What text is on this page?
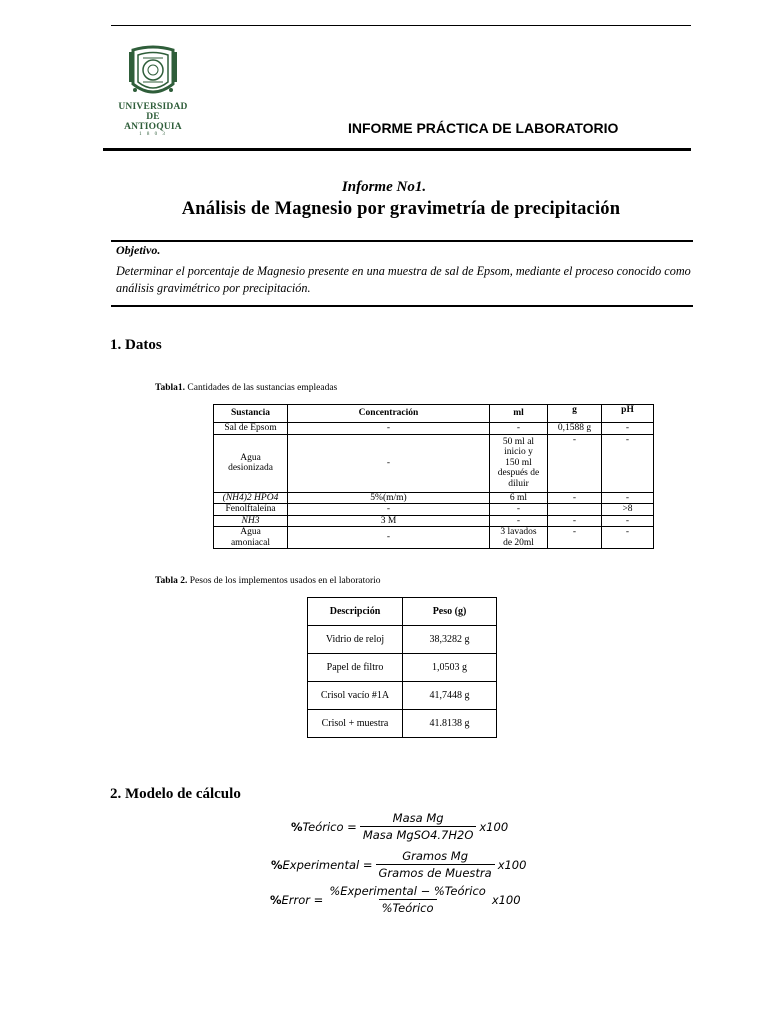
UNIVERSIDAD
DE ANTIOQUIA
1 8 0 3	INFORME PRÁCTICA DE LABORATORIO
Informe No1.
Análisis de Magnesio por gravimetría de precipitación
Objetivo.
Determinar el porcentaje de Magnesio presente en una muestra de sal de Epsom, mediante el proceso conocido como análisis gravimétrico por precipitación.
1. Datos
Tabla1. Cantidades de las sustancias empleadas
Sustancia	Concentración	ml	g	pH
Sal de Epsom	-	-	0,1588 g	-
Agua desionizada	-	50 ml al inicio y 150 ml después de diluir	-	-
(NH4)2 HPO4	5%(m/m)	6 ml	-	-
Fenolftaleína	-	-		>8
NH3	3 M	-	-	-
Agua amoniacal	-	3 lavados de 20ml	-	-
Tabla 2. Pesos de los implementos usados en el laboratorio
Descripción	Peso (g)
Vidrio de reloj	38,3282 g
Papel de filtro	1,0503 g
Crisol vacío #1A	41,7448 g
Crisol + muestra	41.8138 g
2. Modelo de cálculo
% Teórico = $\frac{\text{Masa Mg}}{\text{Masa MgSO4.7H2O}} x100$
% Experimental = $\frac{\text{Gramos Mg}}{\text{Gramos de Muestra}} x100$
% Error = $\frac{\text{\%Experimental − \%Teórico}}{\text{\%Teórico}} x100$
